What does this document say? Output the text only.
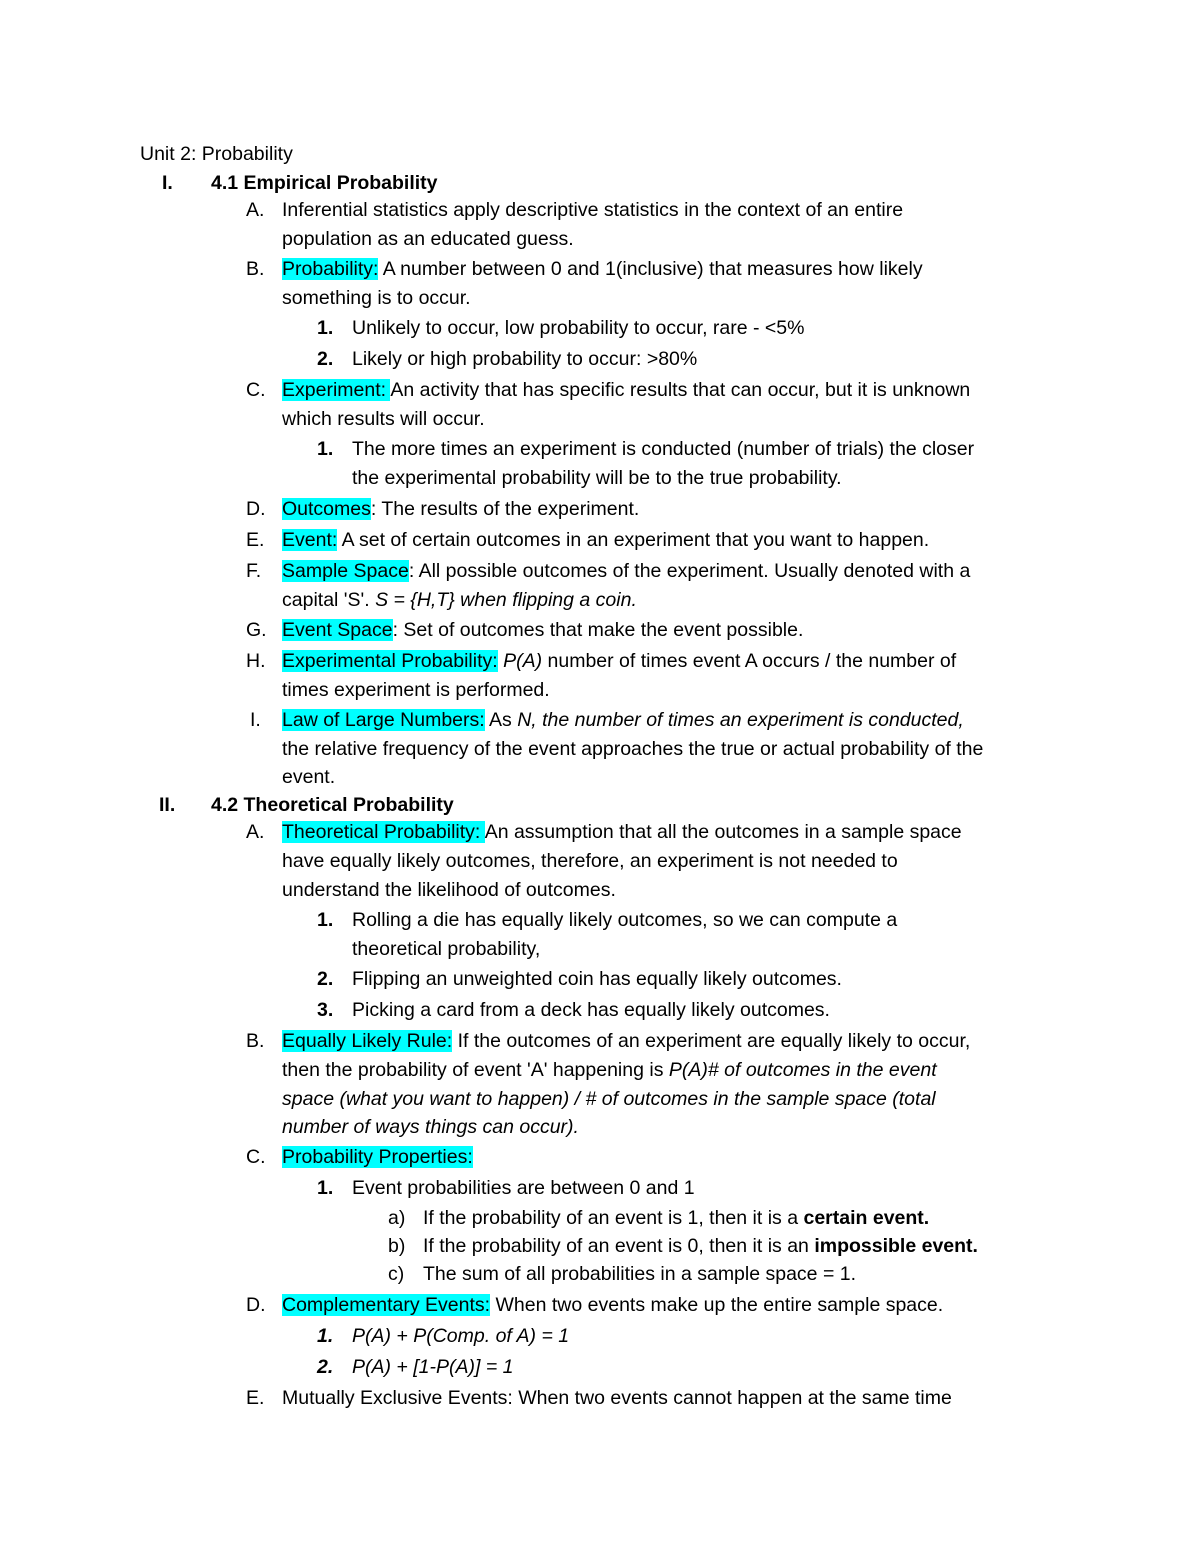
Unit 2: Probability
I. 4.1 Empirical Probability
A. Inferential statistics apply descriptive statistics in the context of an entire
population as an educated guess.
B. Probability: A number between 0 and 1(inclusive) that measures how likely
something is to occur.
1. Unlikely to occur, low probability to occur, rare - <5%
2. Likely or high probability to occur: >80%
C. Experiment: An activity that has specific results that can occur, but it is unknown
which results will occur.
1. The more times an experiment is conducted (number of trials) the closer
the experimental probability will be to the true probability.
D. Outcomes: The results of the experiment.
E. Event: A set of certain outcomes in an experiment that you want to happen.
F. Sample Space: All possible outcomes of the experiment. Usually denoted with a
capital 'S'. S = {H,T} when flipping a coin.
G. Event Space: Set of outcomes that make the event possible.
H. Experimental Probability: P(A) number of times event A occurs / the number of
times experiment is performed.
I. Law of Large Numbers: As N, the number of times an experiment is conducted,
the relative frequency of the event approaches the true or actual probability of the
event.
II. 4.2 Theoretical Probability
A. Theoretical Probability: An assumption that all the outcomes in a sample space
have equally likely outcomes, therefore, an experiment is not needed to
understand the likelihood of outcomes.
1. Rolling a die has equally likely outcomes, so we can compute a
theoretical probability,
2. Flipping an unweighted coin has equally likely outcomes.
3. Picking a card from a deck has equally likely outcomes.
B. Equally Likely Rule: If the outcomes of an experiment are equally likely to occur,
then the probability of event 'A' happening is P(A)# of outcomes in the event
space (what you want to happen) / # of outcomes in the sample space (total
number of ways things can occur).
C. Probability Properties:
1. Event probabilities are between 0 and 1
a) If the probability of an event is 1, then it is a certain event.
b) If the probability of an event is 0, then it is an impossible event.
c) The sum of all probabilities in a sample space = 1.
D. Complementary Events: When two events make up the entire sample space.
1. P(A) + P(Comp. of A) = 1
2. P(A) + [1-P(A)] = 1
E. Mutually Exclusive Events: When two events cannot happen at the same time
